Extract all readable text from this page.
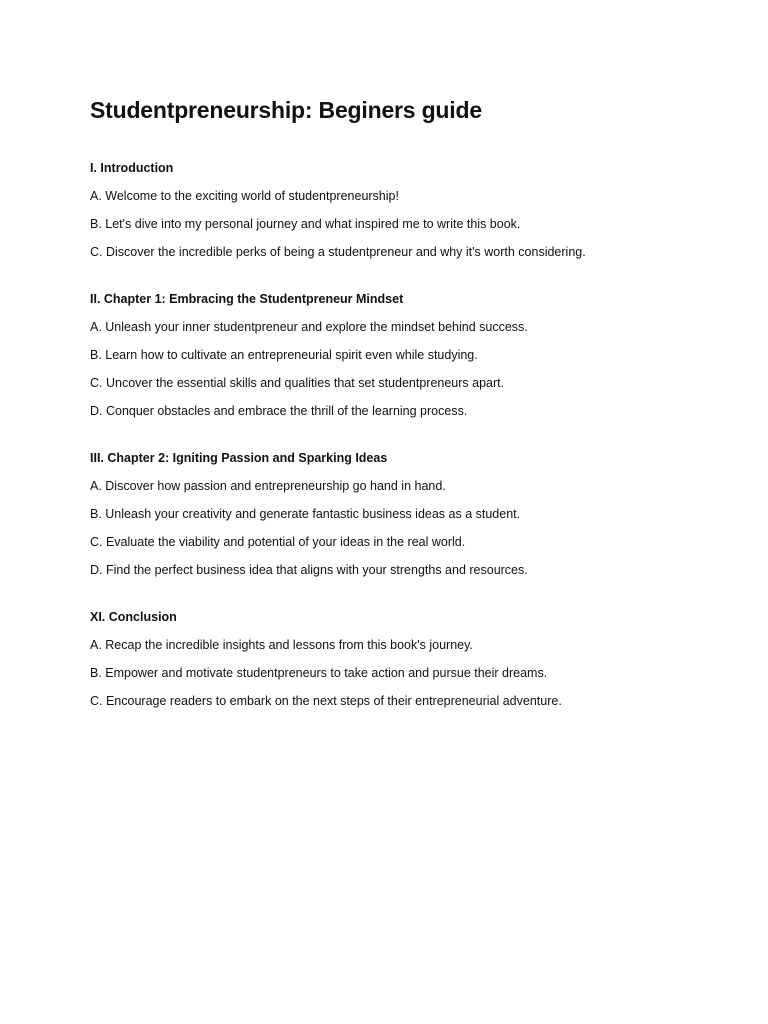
Studentpreneurship: Beginers guide
I. Introduction

A. Welcome to the exciting world of studentpreneurship!

B. Let's dive into my personal journey and what inspired me to write this book.

C. Discover the incredible perks of being a studentpreneur and why it's worth considering.

II. Chapter 1: Embracing the Studentpreneur Mindset

A. Unleash your inner studentpreneur and explore the mindset behind success.

B. Learn how to cultivate an entrepreneurial spirit even while studying.

C. Uncover the essential skills and qualities that set studentpreneurs apart.

D. Conquer obstacles and embrace the thrill of the learning process.

III. Chapter 2: Igniting Passion and Sparking Ideas

A. Discover how passion and entrepreneurship go hand in hand.

B. Unleash your creativity and generate fantastic business ideas as a student.

C. Evaluate the viability and potential of your ideas in the real world.

D. Find the perfect business idea that aligns with your strengths and resources.

XI. Conclusion

A. Recap the incredible insights and lessons from this book's journey.

B. Empower and motivate studentpreneurs to take action and pursue their dreams.

C. Encourage readers to embark on the next steps of their entrepreneurial adventure.
